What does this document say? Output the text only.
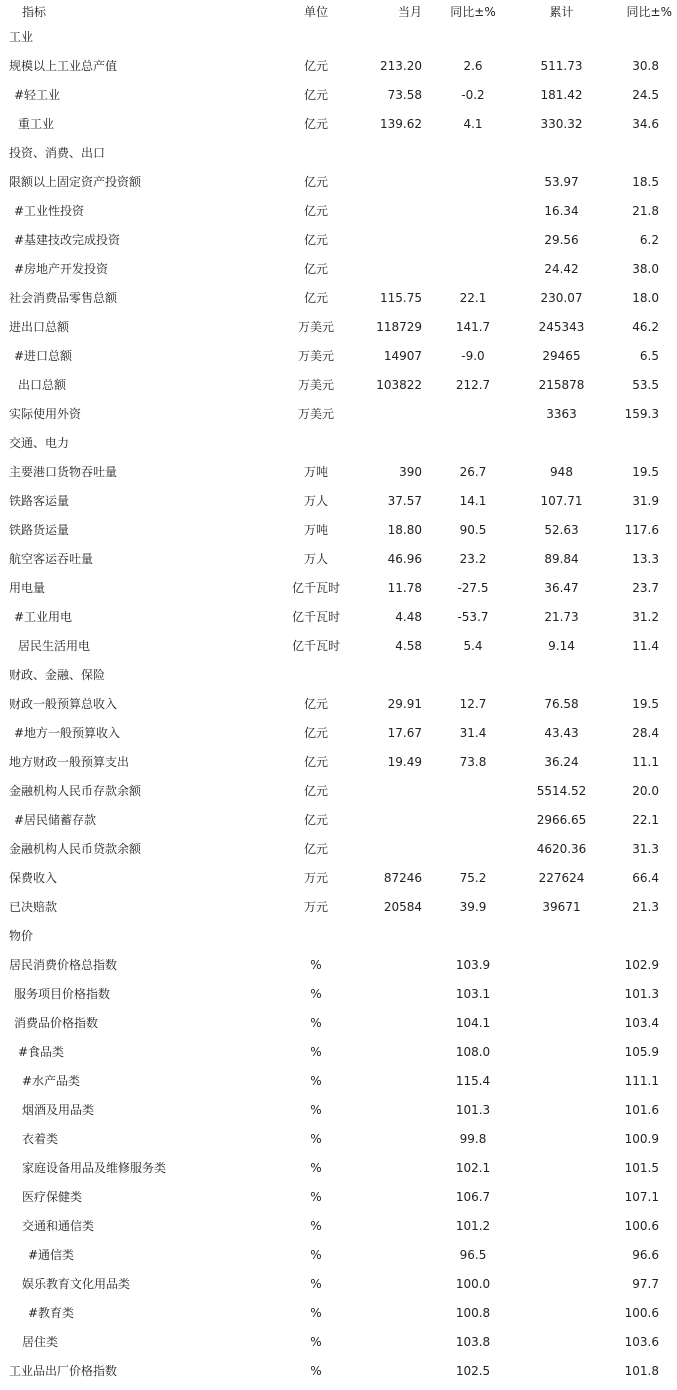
指标	单位	当月	同比±%	累计	同比±%
工业					
规模以上工业总产值	亿元	213.20	2.6	511.73	30.8
#轻工业	亿元	73.58	-0.2	181.42	24.5
重工业	亿元	139.62	4.1	330.32	34.6
投资、消费、出口					
限额以上固定资产投资额	亿元			53.97	18.5
#工业性投资	亿元			16.34	21.8
#基建技改完成投资	亿元			29.56	6.2
#房地产开发投资	亿元			24.42	38.0
社会消费品零售总额	亿元	115.75	22.1	230.07	18.0
进出口总额	万美元	118729	141.7	245343	46.2
#进口总额	万美元	14907	-9.0	29465	6.5
出口总额	万美元	103822	212.7	215878	53.5
实际使用外资	万美元			3363	159.3
交通、电力					
主要港口货物吞吐量	万吨	390	26.7	948	19.5
铁路客运量	万人	37.57	14.1	107.71	31.9
铁路货运量	万吨	18.80	90.5	52.63	117.6
航空客运吞吐量	万人	46.96	23.2	89.84	13.3
用电量	亿千瓦时	11.78	-27.5	36.47	23.7
#工业用电	亿千瓦时	4.48	-53.7	21.73	31.2
居民生活用电	亿千瓦时	4.58	5.4	9.14	11.4
财政、金融、保险					
财政一般预算总收入	亿元	29.91	12.7	76.58	19.5
#地方一般预算收入	亿元	17.67	31.4	43.43	28.4
地方财政一般预算支出	亿元	19.49	73.8	36.24	11.1
金融机构人民币存款余额	亿元			5514.52	20.0
#居民储蓄存款	亿元			2966.65	22.1
金融机构人民币贷款余额	亿元			4620.36	31.3
保费收入	万元	87246	75.2	227624	66.4
已决赔款	万元	20584	39.9	39671	21.3
物价					
居民消费价格总指数	%		103.9		102.9
服务项目价格指数	%		103.1		101.3
消费品价格指数	%		104.1		103.4
#食品类	%		108.0		105.9
#水产品类	%		115.4		111.1
烟酒及用品类	%		101.3		101.6
衣着类	%		99.8		100.9
家庭设备用品及维修服务类	%		102.1		101.5
医疗保健类	%		106.7		107.1
交通和通信类	%		101.2		100.6
#通信类	%		96.5		96.6
娱乐教育文化用品类	%		100.0		97.7
#教育类	%		100.8		100.6
居住类	%		103.8		103.6
工业品出厂价格指数	%		102.5		101.8
